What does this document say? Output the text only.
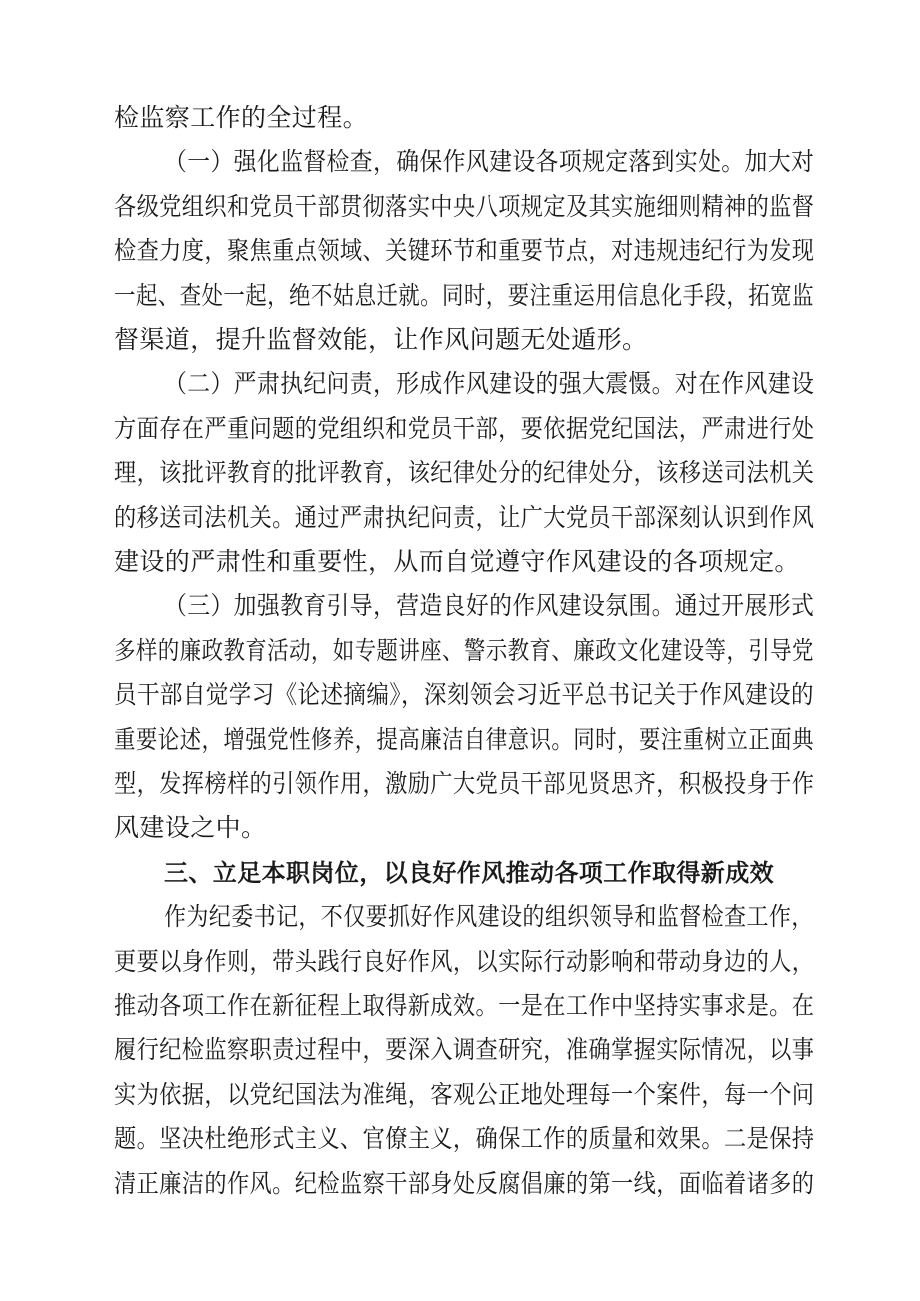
检监察工作的全过程。
（一）强化监督检查，确保作风建设各项规定落到实处。加大对
各级党组织和党员干部贯彻落实中央八项规定及其实施细则精神的监督
检查力度，聚焦重点领域、关键环节和重要节点，对违规违纪行为发现
一起、查处一起，绝不姑息迁就。同时，要注重运用信息化手段，拓宽监
督渠道，提升监督效能，让作风问题无处遁形。
（二）严肃执纪问责，形成作风建设的强大震慑。对在作风建设
方面存在严重问题的党组织和党员干部，要依据党纪国法，严肃进行处
理，该批评教育的批评教育，该纪律处分的纪律处分，该移送司法机关
的移送司法机关。通过严肃执纪问责，让广大党员干部深刻认识到作风
建设的严肃性和重要性，从而自觉遵守作风建设的各项规定。
（三）加强教育引导，营造良好的作风建设氛围。通过开展形式
多样的廉政教育活动，如专题讲座、警示教育、廉政文化建设等，引导党
员干部自觉学习《论述摘编》，深刻领会习近平总书记关于作风建设的
重要论述，增强党性修养，提高廉洁自律意识。同时，要注重树立正面典
型，发挥榜样的引领作用，激励广大党员干部见贤思齐，积极投身于作
风建设之中。
三、立足本职岗位，以良好作风推动各项工作取得新成效
作为纪委书记，不仅要抓好作风建设的组织领导和监督检查工作，
更要以身作则，带头践行良好作风，以实际行动影响和带动身边的人，
推动各项工作在新征程上取得新成效。一是在工作中坚持实事求是。在
履行纪检监察职责过程中，要深入调查研究，准确掌握实际情况，以事
实为依据，以党纪国法为准绳，客观公正地处理每一个案件，每一个问
题。坚决杜绝形式主义、官僚主义，确保工作的质量和效果。二是保持
清正廉洁的作风。纪检监察干部身处反腐倡廉的第一线，面临着诸多的
